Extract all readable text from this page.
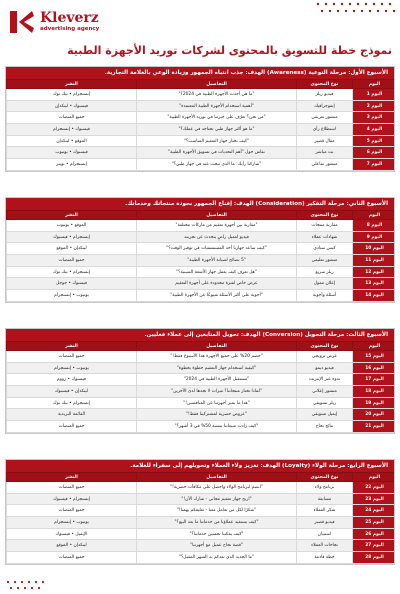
Kleverz
advertising agency
نموذج خطة للتسويق بالمحتوى لشركات توريد الأجهزة الطبية
الأسبوع الأول: مرحلة التوعية (Awareness) الهدف: جذب انتباه الجمهور وزيادة الوعي بالعلامة التجارية.
اليوم	نوع المحتوى	التفاصيل	النشر
اليوم 1	فيديو ريلز	"ما هي أحدث الأجهزة الطبية في 2024؟"	إنستجرام • تيك توك
اليوم 2	إنفوجرافيك	"أهمية استخدام الأجهزة الطبية المعتمدة"	فيسبوك • لينكدإن
اليوم 3	منشور تعريفي	"من نحن؟ تعرّف على خبرتنا في توريد الأجهزة الطبية"	جميع المنصات
اليوم 4	استطلاع رأي	"ما هو أكثر جهاز طبي تحتاجه في عملك؟"	فيسبوك • إنستجرام
اليوم 5	مقال قصير	"كيف تختار جهاز التعقيم المناسب؟"	الموقع • لينكدإن
اليوم 6	بث مباشر	نقاش حول "أهم التحديات في تسويق الأجهزة الطبية"	فيسبوك • يوتيوب
اليوم 7	منشور تفاعلي	"شاركنا رأيك: ما الذي تبحث عنه في جهاز طبي؟"	إنستجرام • تويتر
الأسبوع الثاني: مرحلة التفكير (Consideration) الهدف: إقناع الجمهور بجودة منتجاتك وخدماتك.
اليوم	نوع المحتوى	التفاصيل	النشر
اليوم 8	مقارنة منتجات	"مقارنة بين أجهزة تعقيم من ماركات مختلفة"	الموقع • يوتيوب
اليوم 9	شهادات عملاء	فيديو لعميل راضٍ يتحدث عن تجربته	إنستجرام • فيسبوك
اليوم 10	كيس ستادي	"كيف ساعد جهازنا أحد المستشفيات في توفير الوقت؟"	لينكدإن • الموقع
اليوم 11	منشور تعليمي	"5 نصائح لصيانة الأجهزة الطبية"	جميع المنصات
اليوم 12	ريلز سريع	"هل تعرف كيف يعمل جهاز الأشعة السينية؟"	إنستجرام • تيك توك
اليوم 13	إعلان ممول	عرض خاص لفترة محدودة على أجهزة التعقيم	فيسبوك • جوجل
اليوم 14	أسئلة وأجوبة	"أجوبة على أكثر الأسئلة شيوعًا عن الأجهزة الطبية"	يوتيوب • إنستجرام
الأسبوع الثالث: مرحلة التحويل (Conversion) الهدف: تحويل المتابعين إلى عملاء فعليين.
اليوم	نوع المحتوى	التفاصيل	النشر
اليوم 15	عرض ترويجي	"خصم 20% على جميع الأجهزة هذا الأسبوع فقط!"	جميع المنصات
اليوم 16	فيديو ديمو	"كيفية استخدام جهاز التعقيم خطوة بخطوة"	يوتيوب • إنستجرام
اليوم 17	ندوة عبر الإنترنت	"مستقبل الأجهزة الطبية في 2024"	فيسبوك • زووم
اليوم 18	منشور إعلاني	"لماذا تختار منتجاتنا؟ ميزات لا تجدها لدى الآخرين"	لينكدإن • فيسبوك
اليوم 19	ريلز تشويقي	"هذا ما يميز أجهزتنا عن المنافسين!"	إنستجرام • تيك توك
اليوم 20	إيميل تسويقي	"عروض حصرية لمشتركينا فقط!"	القائمة البريدية
اليوم 21	نتائج نجاح	"كيف زادت مبيعاتنا بنسبة 50% في 3 أشهر؟"	جميع المنصات
الأسبوع الرابع: مرحلة الولاء (Loyalty) الهدف: تعزيز ولاء العملاء وتحويلهم إلى سفراء للعلامة.
اليوم	نوع المحتوى	التفاصيل	النشر
اليوم 22	برنامج ولاء	"انضم لبرنامج الولاء واحصل على مكافآت حصرية!"	جميع المنصات
اليوم 23	مسابقة	"اربح جهاز تعقيم مجاني - شارك الآن!"	إنستجرام • فيسبوك
اليوم 24	شكر العملاء	"شكرًا لكل من تعامل معنا - تعليقكم يهمنا!"	جميع المنصات
اليوم 25	فيديو قصير	"كيف يستفيد عملاؤنا من خدماتنا ما بعد البيع؟"	يوتيوب • إنستجرام
اليوم 26	استبيان	"كيف يمكننا تحسين خدماتنا؟"	الإيميل • فيسبوك
اليوم 27	نجاحات العملاء	"قصة نجاح عميل مع أجهزتنا"	لينكدإن • الموقع
اليوم 28	خطة قادمة	"ما الجديد الذي نعدكم به الشهر المقبل؟"	جميع المنصات
